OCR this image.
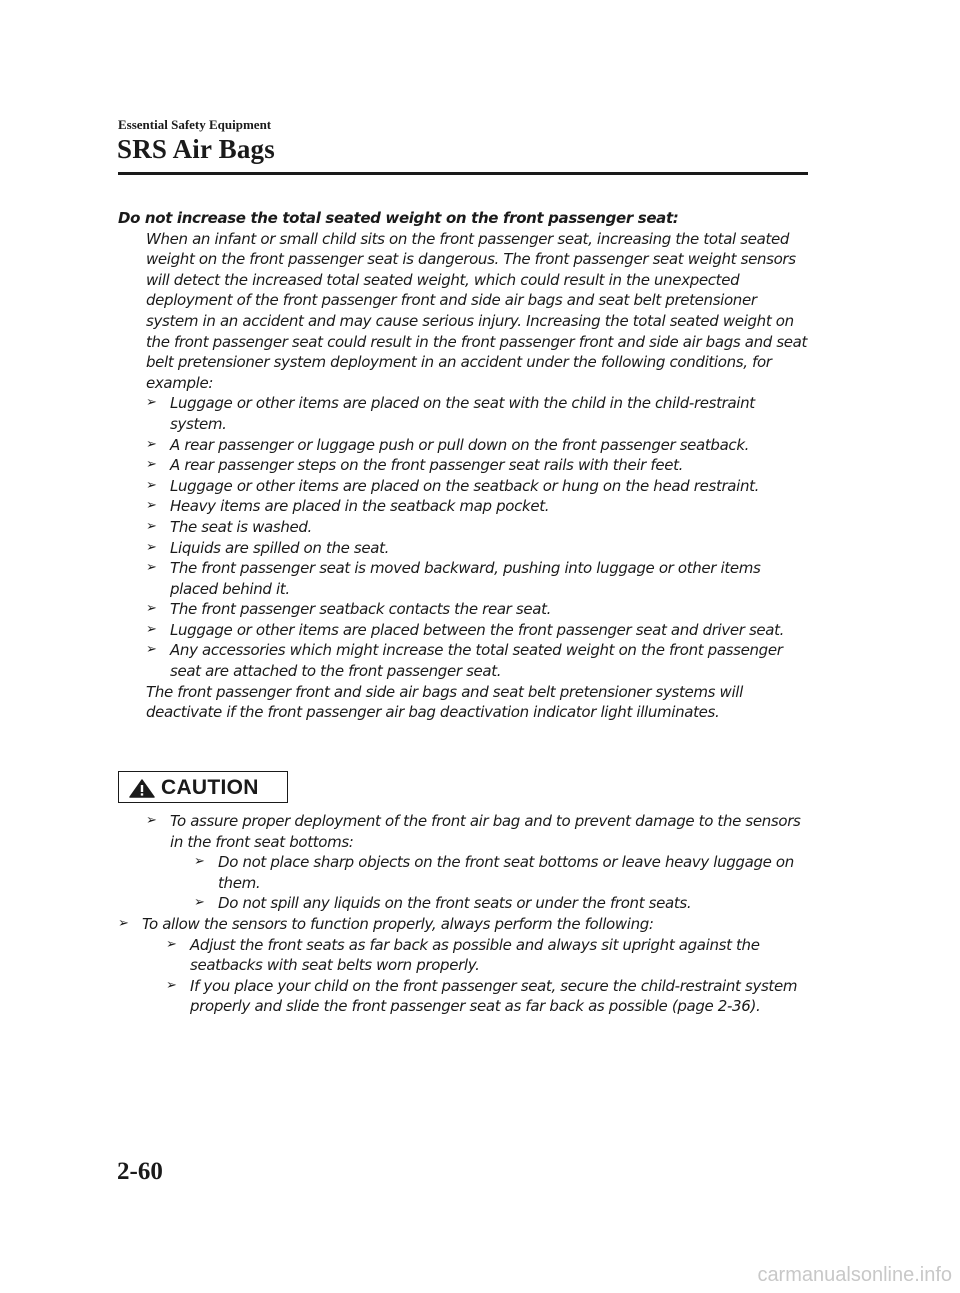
Essential Safety Equipment
SRS Air Bags

Do not increase the total seated weight on the front passenger seat:

When an infant or small child sits on the front passenger seat, increasing the total seated weight on the front passenger seat is dangerous. The front passenger seat weight sensors will detect the increased total seated weight, which could result in the unexpected deployment of the front passenger front and side air bags and seat belt pretensioner system in an accident and may cause serious injury. Increasing the total seated weight on the front passenger seat could result in the front passenger front and side air bags and seat belt pretensioner system deployment in an accident under the following conditions, for example:

➢ Luggage or other items are placed on the seat with the child in the child-restraint system.
➢ A rear passenger or luggage push or pull down on the front passenger seatback.
➢ A rear passenger steps on the front passenger seat rails with their feet.
➢ Luggage or other items are placed on the seatback or hung on the head restraint.
➢ Heavy items are placed in the seatback map pocket.
➢ The seat is washed.
➢ Liquids are spilled on the seat.
➢ The front passenger seat is moved backward, pushing into luggage or other items placed behind it.
➢ The front passenger seatback contacts the rear seat.
➢ Luggage or other items are placed between the front passenger seat and driver seat.
➢ Any accessories which might increase the total seated weight on the front passenger seat are attached to the front passenger seat.

The front passenger front and side air bags and seat belt pretensioner systems will deactivate if the front passenger air bag deactivation indicator light illuminates.

CAUTION
➢ To assure proper deployment of the front air bag and to prevent damage to the sensors in the front seat bottoms:
➢ Do not place sharp objects on the front seat bottoms or leave heavy luggage on them.
➢ Do not spill any liquids on the front seats or under the front seats.
➢ To allow the sensors to function properly, always perform the following:
➢ Adjust the front seats as far back as possible and always sit upright against the seatbacks with seat belts worn properly.
➢ If you place your child on the front passenger seat, secure the child-restraint system properly and slide the front passenger seat as far back as possible (page 2-36).
2-60
carmanualsonline.info
